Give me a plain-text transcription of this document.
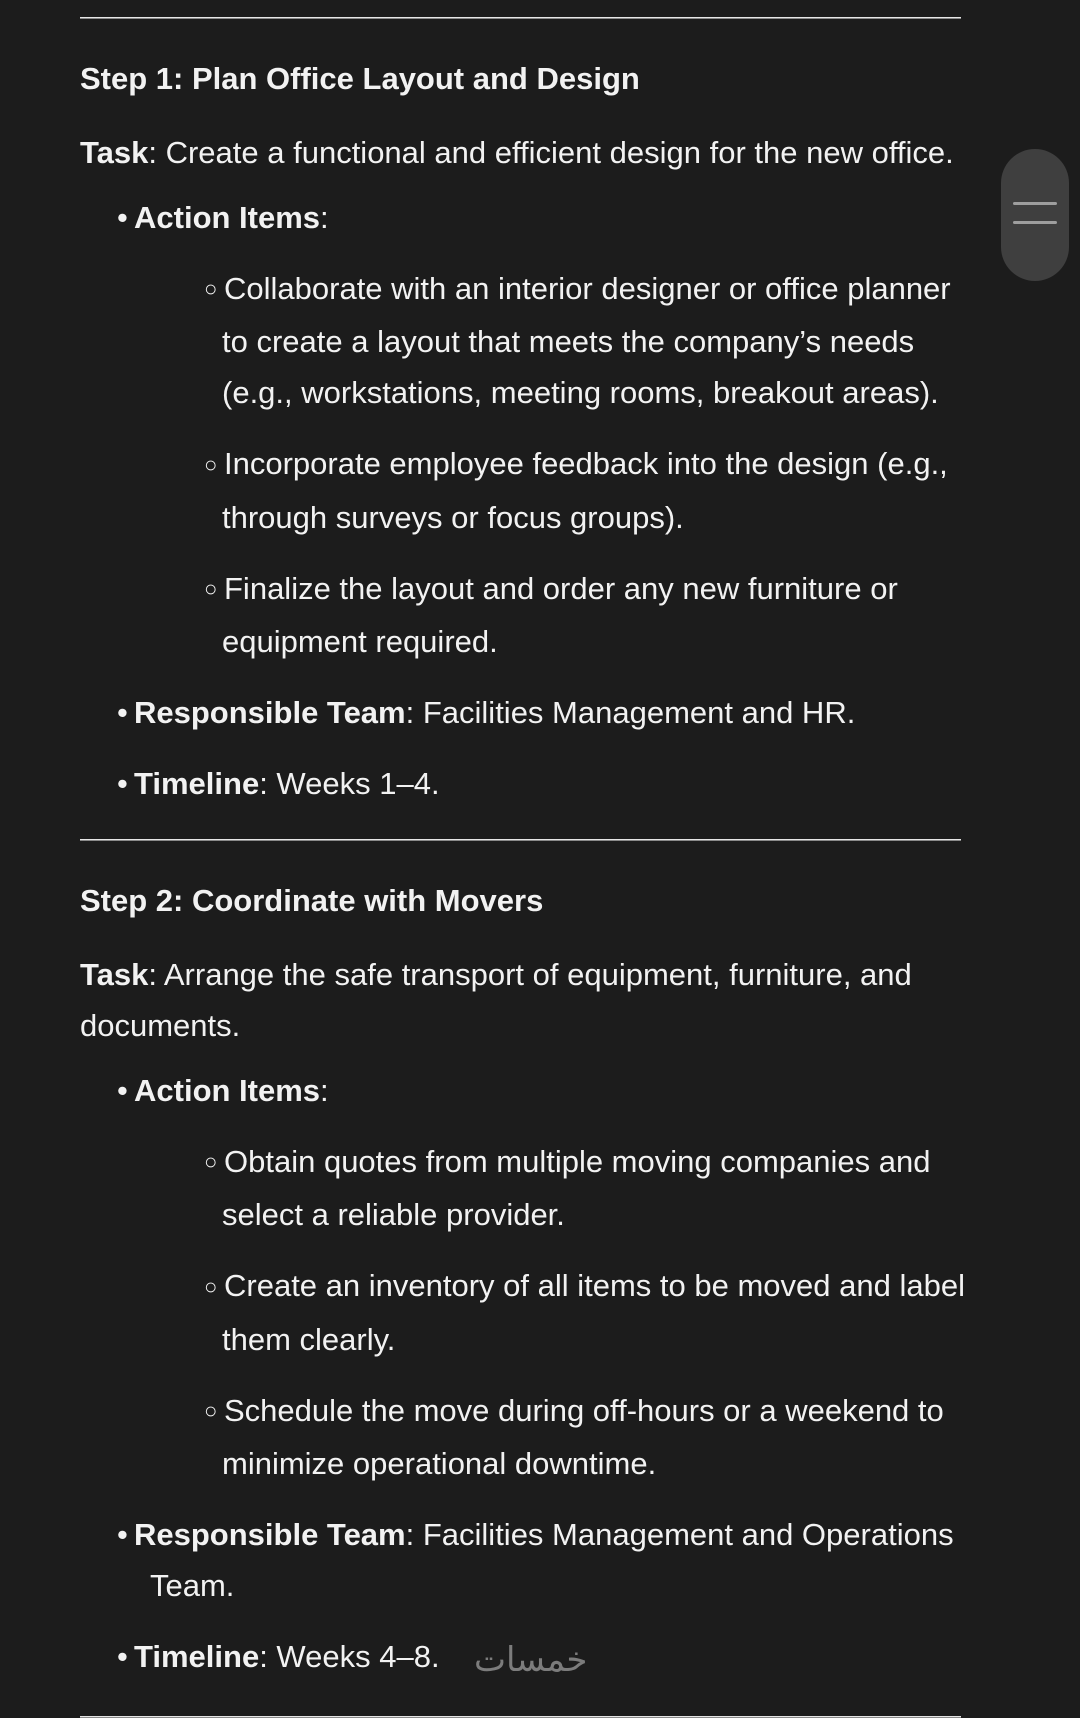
Step 1: Plan Office Layout and Design

Task: Create a functional and efficient design for the new office.

• Action Items:
○ Collaborate with an interior designer or office planner
to create a layout that meets the company’s needs (e.g., workstations, meeting rooms, breakout areas).
○ Incorporate employee feedback into the design (e.g.,
through surveys or focus groups).
○ Finalize the layout and order any new furniture or
equipment required.
• Responsible Team: Facilities Management and HR.
• Timeline: Weeks 1–4.
Step 2: Coordinate with Movers

Task: Arrange the safe transport of equipment, furniture, and documents.

• Action Items:
○ Obtain quotes from multiple moving companies and
select a reliable provider.
○ Create an inventory of all items to be moved and label
them clearly.
○ Schedule the move during off-hours or a weekend to
minimize operational downtime.
• Responsible Team: Facilities Management and Operations Team.
• Timeline: Weeks 4–8.	خمسات
